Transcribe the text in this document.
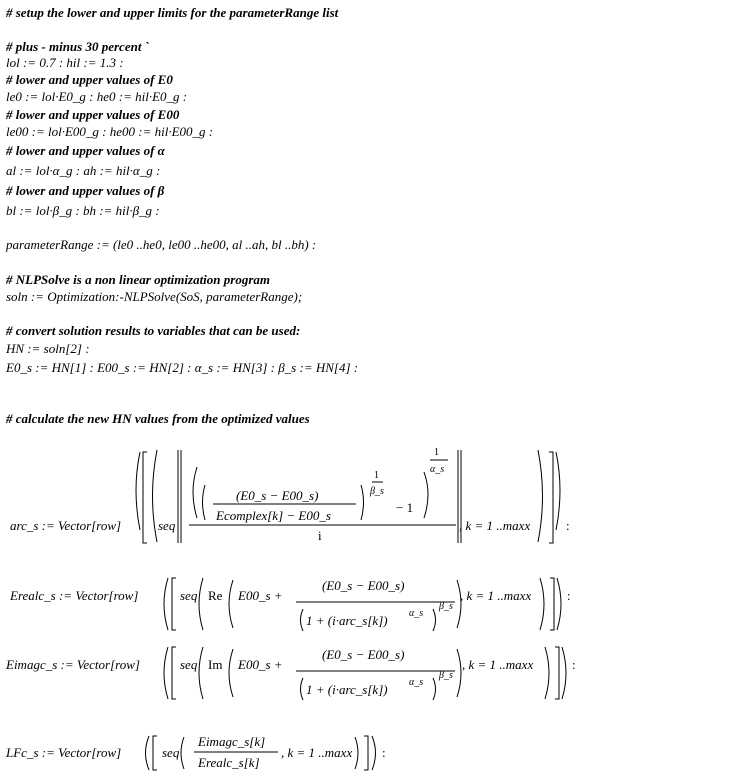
# setup the lower and upper limits for the parameterRange list
# plus - minus 30 percent `
lol := 0.7 : hil := 1.3 :
# lower and upper values of E0
le0 := lol·E0_g : he0 := hil·E0_g :
# lower and upper values of E00
le00 := lol·E00_g : he00 := hil·E00_g :
# lower and upper values of α
al := lol·α_g : ah := hil·α_g :
# lower and upper values of β
bl := lol·β_g : bh := hil·β_g :
parameterRange := (le0 ..he0, le00 ..he00, al ..ah, bl ..bh) :
# NLPSolve is a non linear optimization program
soln := Optimization:-NLPSolve(SoS, parameterRange);
# convert solution results to variables that can be used:
HN := soln[2] :
E0_s := HN[1] : E00_s := HN[2] : α_s := HN[3] : β_s := HN[4] :
# calculate the new HN values from the optimized values
arc_s := Vector[row]	seq
(E0_s − E00_s)
Ecomplex[k] − E00_s
1
β_s
− 1
1
α_s
i
, k = 1 ..maxx	:
Erealc_s := Vector[row]	seq Re E00_s +
(E0_s − E00_s)
1 + (i·arc_s[k]) α_s
β_s
, k = 1 ..maxx	:
Eimagc_s := Vector[row]	seq Im E00_s +
(E0_s − E00_s)
1 + (i·arc_s[k]) α_s
β_s
, k = 1 ..maxx	:
LFc_s := Vector[row]	seq
Eimagc_s[k]
Erealc_s[k]
, k = 1 ..maxx :
